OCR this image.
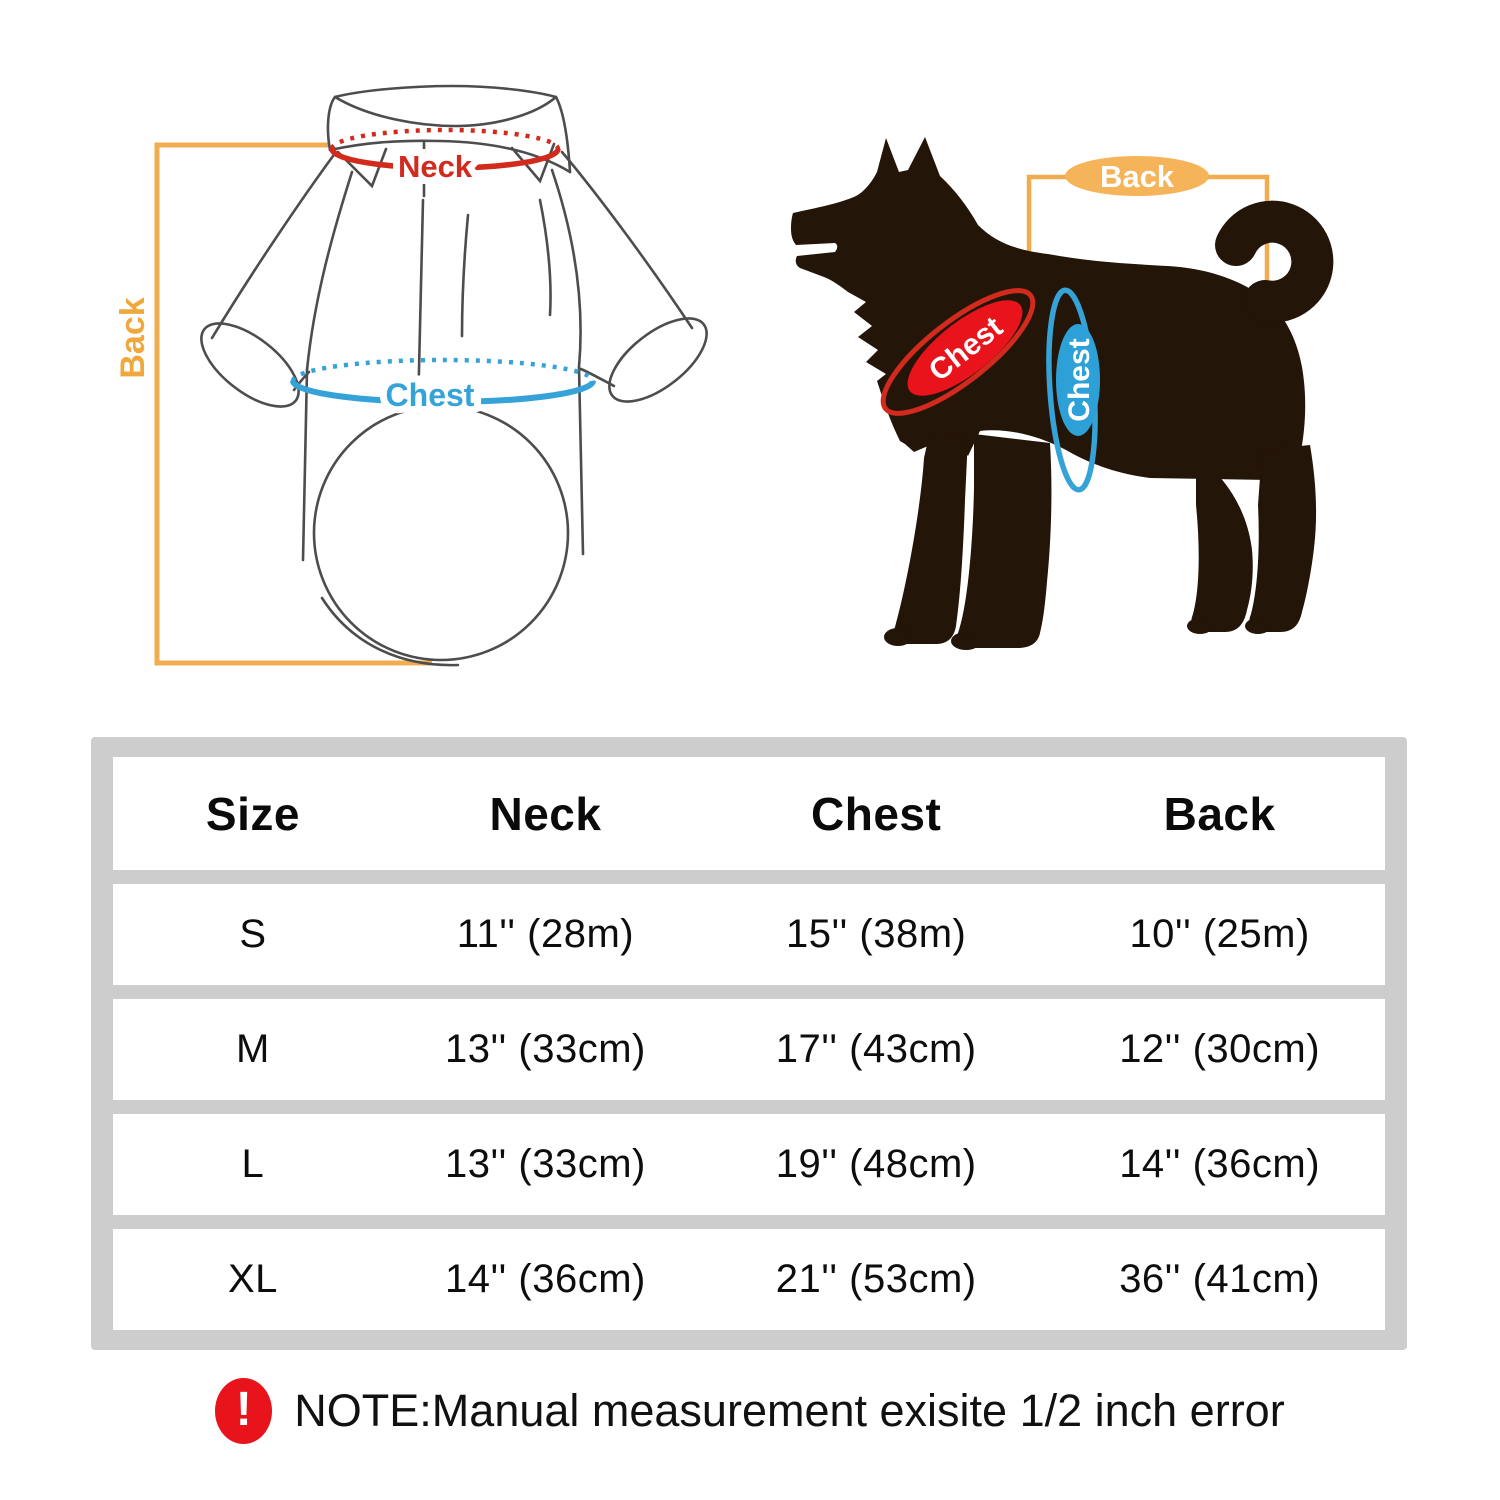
Neck
Chest
Back	Chest Chest
Back
Size	Neck	Chest	Back
S	11'' (28m)	15'' (38m)	10'' (25m)
M	13'' (33cm)	17'' (43cm)	12'' (30cm)
L	13'' (33cm)	19'' (48cm)	14'' (36cm)
XL	14'' (36cm)	21'' (53cm)	36'' (41cm)
! NOTE:Manual measurement exisite 1/2 inch error
